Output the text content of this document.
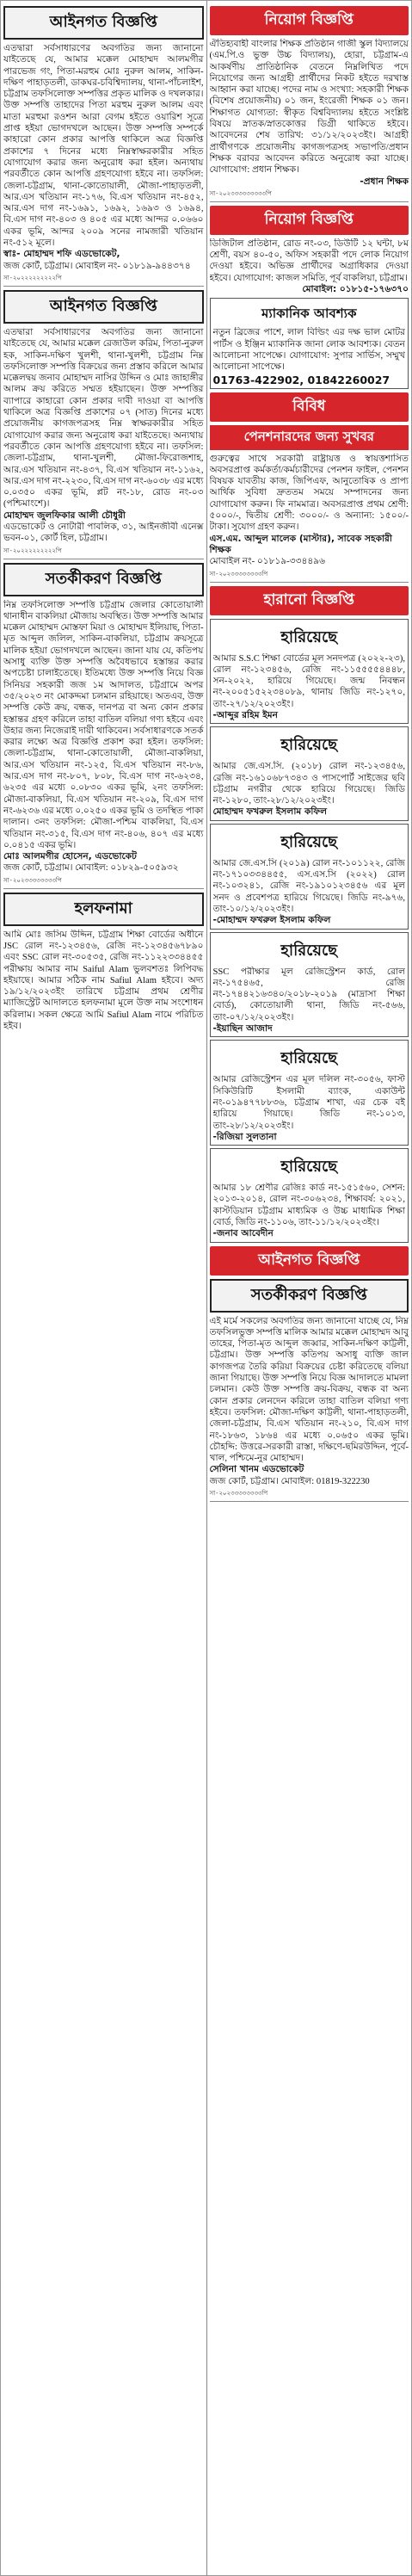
আইনগত বিজ্ঞপ্তি
এতদ্বারা সর্বসাধারণের অবগতির জন্য জানানো যাইতেছে যে, আমার মক্কেল মোহাম্মদ আলমগীর পারভেজ গং, পিতা-মরহুম মোঃ নুরুল আলম, সাকিন-দক্ষিণ পাহাড়তলী, ডাকঘর-চবিশ্বিদ্যালয়, থানা-পাঁচলাইশ, চট্টগ্রাম তফসিলোক্ত সম্পত্তির প্রকৃত মালিক ও দখলকার। উক্ত সম্পত্তি তাহাদের পিতা মরহুম নুরুল আলম এবং মাতা মরহুমা রওশন আরা বেগম হইতে ওয়ারিশ সূত্রে প্রাপ্ত হইয়া ভোগদখলে আছেন। উক্ত সম্পত্তি সম্পর্কে কাহারো কোন প্রকার আপত্তি থাকিলে অত্র বিজ্ঞপ্তি প্রকাশের ৭ দিনের মধ্যে নিম্নস্বাক্ষরকারীর সহিত যোগাযোগ করার জন্য অনুরোধ করা হইল। অন্যথায় পরবর্তীতে কোন আপত্তি গ্রহণযোগ্য হইবে না। তফসিল: জেলা-চট্টগ্রাম, থানা-কোতোয়ালী, মৌজা-পাহাড়তলী, আর.এস খতিয়ান নং-১৭৬, বি.এস খতিয়ান নং-৪৫২, আর.এস দাগ নং-১৬৯১, ১৬৯২, ১৬৯৩ ও ১৬৯৪, বি.এস দাগ নং-৪০৩ ও ৪০৫ এর মধ্যে আন্দর ০.০৬৬০ একর ভূমি, আন্দর ২০০৯ সনের নামজারী খতিয়ান নং-৫১২ মূলে।
স্বাঃ- মোহাম্মদ শফি এডভোকেট,
জজ কোর্ট, চট্টগ্রাম। মোবাইল নং- ০১৮১৯-৯৪৪৩৭৪
সা-২০২২২২২২২২২পি
আইনগত বিজ্ঞপ্তি
এতদ্বারা সর্বসাধারণের অবগতির জন্য জানানো যাইতেছে যে, আমার মক্কেল রেজাউল করিম, পিতা-নুরুল হক, সাকিন-দক্ষিণ খুলশী, থানা-খুলশী, চট্টগ্রাম নিম্ন তফসিলোক্ত সম্পত্তি বিক্রয়ের জন্য প্রস্তাব করিলে আমার মক্কেলদ্বয় জনাব মোহাম্মদ নাসির উদ্দিন ও মোঃ জাহাঙ্গীর আলম ক্রয় করিতে সম্মত হইয়াছেন। উক্ত সম্পত্তির ব্যাপারে কাহারো কোন প্রকার দাবী দাওয়া বা আপত্তি থাকিলে অত্র বিজ্ঞপ্তি প্রকাশের ০৭ (সাত) দিনের মধ্যে প্রয়োজনীয় কাগজপত্রসহ নিম্ন স্বাক্ষরকারীর সহিত যোগাযোগ করার জন্য অনুরোধ করা যাইতেছে। অন্যথায় পরবর্তীতে কোন আপত্তি গ্রহণযোগ্য হইবে না। তফসিল: জেলা-চট্টগ্রাম, থানা-খুলশী, মৌজা-ফিরোজশাহ, আর.এস খতিয়ান নং-৪৩৭, বি.এস খতিয়ান নং-১১৬২, আর.এস দাগ নং-২২৩০, বি.এস দাগ নং-৬০৩৮ এর মধ্যে ০.০৩৫০ একর ভূমি, প্লট নং-১৮, রোড নং-০৩ (পশ্চিমাংশে)।
মোহাম্মদ জুলফিকার আলী চৌধুরী
এডভোকেট ও নোটারী পাবলিক, ৩১, আইনজীবী এনেক্স ভবন-০১, কোর্ট হিল, চট্টগ্রাম।
সা-২০২২২২২২২২২পি
সতর্কীকরণ বিজ্ঞপ্তি
নিম্ন তফসিলোক্ত সম্পত্তি চট্টগ্রাম জেলার কোতোয়ালী থানাধীন বাকলিয়া মৌজায় অবস্থিত। উক্ত সম্পত্তি আমার মক্কেল মোহাম্মদ মোস্তফা মিয়া ও মোহাম্মদ ইলিয়াছ, পিতা-মৃত আব্দুল জলিল, সাকিন-বাকলিয়া, চট্টগ্রাম ক্রয়সূত্রে মালিক হইয়া ভোগদখলে আছেন। জানা যায় যে, কতিপয় অসাধু ব্যক্তি উক্ত সম্পত্তি অবৈধভাবে হস্তান্তর করার অপচেষ্টা চালাইতেছে। ইতিমধ্যে উক্ত সম্পত্তি নিয়ে বিজ্ঞ সিনিয়র সহকারী জজ ১ম আদালত, চট্টগ্রামে অপর ৩৫/২০২৩ নং মোকদ্দমা চলমান রহিয়াছে। অতএব, উক্ত সম্পত্তি কেউ ক্রয়, বন্ধক, দানপত্র বা অন্য কোন প্রকার হস্তান্তর গ্রহণ করিলে তাহা বাতিল বলিয়া গণ্য হইবে এবং উহার জন্য নিজেরাই দায়ী থাকিবেন। সর্বসাধারণকে সতর্ক করার লক্ষ্যে অত্র বিজ্ঞপ্তি প্রকাশ করা হইল। তফসিল: জেলা-চট্টগ্রাম, থানা-কোতোয়ালী, মৌজা-বাকলিয়া, আর.এস খতিয়ান নং-১২৫, বি.এস খতিয়ান নং-৮৬, আর.এস দাগ নং-৮০৭, ৮০৮, বি.এস দাগ নং-৬২৩৪, ৬২৩৫ এর মধ্যে ০.০৮৩০ একর ভূমি, ২নং তফসিল: মৌজা-বাকলিয়া, বি.এস খতিয়ান নং-২০৯, বি.এস দাগ নং-৬২৩৬ এর মধ্যে ০.০২৫০ একর ভূমি ও তদস্থিত পাকা দালান। ৩নং তফসিল: মৌজা-পশ্চিম বাকলিয়া, বি.এস খতিয়ান নং-৩১৫, বি.এস দাগ নং-৪০৬, ৪০৭ এর মধ্যে ০.০৪১৫ একর ভূমি।
মোঃ আলমগীর হোসেন, এডভোকেট
জজ কোর্ট, চট্টগ্রাম। মোবাইল: ০১৮২৯-৫০৫৯৩২
সা-২০২৩৩৩৩৩৩৩৩পি
হলফনামা
আমি মোঃ জসিম উদ্দিন, চট্টগ্রাম শিক্ষা বোর্ডের অধীনে JSC রোল নং-১২৩৪৫৬, রেজি নং-১২৩৪৫৬৭৮৯০ এবং SSC রোল নং-৩০৫৩৫, রেজি নং-১১২২৩৩৪৪৫৫ পরীক্ষায় আমার নাম Saiful Alam ভুলবশতঃ লিপিবদ্ধ হইয়াছে। আমার সঠিক নাম Safiul Alam হইবে। অদ্য ১৯/১২/২০২৩ইং তারিখে চট্টগ্রাম প্রথম শ্রেণীর ম্যাজিস্ট্রেট আদালতে হলফনামা মূলে উক্ত নাম সংশোধন করিলাম। সকল ক্ষেত্রে আমি Safiul Alam নামে পরিচিত হইব।
নিয়োগ বিজ্ঞপ্তি
ঐতিহ্যবাহী বাংলার শিক্ষক প্রতিষ্ঠান গাজী স্কুল বিদ্যালয়ে (এম.পি.ও ভুক্ত উচ্চ বিদ্যালয়), হোরা, চট্টগ্রাম-এ আকর্ষণীয় প্রাতিষ্ঠানিক বেতনে নিম্নলিখিত পদে নিয়োগের জন্য আগ্রহী প্রার্থীদের নিকট হইতে দরখাস্ত আহ্বান করা যাচ্ছে। পদের নাম ও সংখ্যা: সহকারী শিক্ষক (বিশেষ প্রয়োজনীয়) ০১ জন, ইংরেজী শিক্ষক ০১ জন। শিক্ষাগত যোগ্যতা: স্বীকৃত বিশ্ববিদ্যালয় হইতে সংশ্লিষ্ট বিষয়ে স্নাতক/স্নাতকোত্তর ডিগ্রী থাকিতে হইবে। আবেদনের শেষ তারিখ: ৩১/১২/২০২৩ইং। আগ্রহী প্রার্থীগণকে প্রয়োজনীয় কাগজপত্রসহ সভাপতি/প্রধান শিক্ষক বরাবর আবেদন করিতে অনুরোধ করা যাচ্ছে। যোগাযোগ: প্রধান শিক্ষক।
-প্রধান শিক্ষক
সা-২০২৩৩৩৩৩৩৩৩৩পি
নিয়োগ বিজ্ঞপ্তি
ডিজিটাল প্রতিষ্ঠান, রোড নং-০৩, ডিউটি ১২ ঘন্টা, ৮ম শ্রেণী, বয়স ৪০-৫০, অফিস সহকারী পদে লোক নিয়োগ দেওয়া হইবে। অভিজ্ঞ প্রার্থীদের অগ্রাধিকার দেওয়া হইবে। যোগাযোগ: কাজল সমিতি, পূর্ব বাকলিয়া, চট্টগ্রাম।
মোবাইল: ০১৮১৫-১৭৬৩৭০
ম্যাকানিক আবশ্যক
নতুন ব্রিজের পাশে, লাল বিল্ডিং এর দক্ষ ভাল মোটর পার্টস ও ইঞ্জিন ম্যাকানিক জানা লোক আবশ্যক। বেতন আলোচনা সাপেক্ষে। যোগাযোগ: সুপার সার্ভিস, সম্মুখ আলোচনা সাপেক্ষে।
01763-422902, 01842260027
বিবিধ
পেনশনারদের জন্য সুখবর
গুরুত্বের সাথে সরকারী রাষ্ট্রায়ত্ত ও স্বায়ত্তশাসিত অবসরপ্রাপ্ত কর্মকর্তা/কর্মচারীদের পেনশন ফাইল, পেনশন বিষয়ক যাবতীয় কাজ, জিপিএফ, আনুতোষিক ও প্রাপ্য আর্থিক সুবিধা দ্রুততম সময়ে সম্পাদনের জন্য যোগাযোগ করুন। ফি নামমাত্র। অবসরপ্রাপ্ত প্রথম শ্রেণী: ৫০০০/-, দ্বিতীয় শ্রেণী: ৩০০০/- ও অন্যান্য: ১৫০০/- টাকা। সুযোগ গ্রহণ করুন।
এস.এম. আব্দুল মালেক (মাস্টার), সাবেক সহকারী শিক্ষক
মোবাইল নং- ০১৮১৯-৩৩৪৪৯৬
সা-২০২৩৩৩৩৩৩৩৩পি
হারানো বিজ্ঞপ্তি
হারিয়েছে
আমার S.S.C শিক্ষা বোর্ডের মূল সনদপত্র (২০২২-২৩), রোল নং-১২৩৪৫৬, রেজি নং-১১৫৫৫৫৪৪৪৮, সন-২০২২, হারিয়ে গিয়েছে। জন্ম নিবন্ধন নং-২০০৫১৫২২৩৪০৮৯, থানায় জিডি নং-১২৭০, তাং-২৭/১২/২০২৩ইং।
-আব্দুর রহিম ইমন
হারিয়েছে
আমার জে.এস.সি. (২০১৮) রোল নং-১২৩৪৫৬, রেজি নং-১৬১০৬৮৭৩৪৩ ও পাসপোর্ট সাইজের ছবি চট্টগ্রাম নগরীর থেকে হারিয়ে গিয়েছে। জিডি নং-১২৮০, তাং-২৮/১২/২০২৩ইং।
মোহাম্মদ ফখরুল ইসলাম কফিল
হারিয়েছে
আমার জে.এস.সি (২০১৯) রোল নং-১০১১২২, রেজি নং-১৭১০৩৩৪৪৫৫, এস.এস.সি (২০২২) রোল নং-১০৩২৪১, রেজি নং-১৯১০১২৩৪৫৬ এর মূল সনদ ও প্রবেশপত্র হারিয়ে গিয়েছে। জিডি নং-৯৭৬, তাং-১০/১২/২০২৩ইং।
-মোহাম্মদ ফখরুল ইসলাম কফিল
হারিয়েছে
SSC পরীক্ষার মূল রেজিস্ট্রেশন কার্ড, রোল নং-১৭৫৪৬৫, রেজি নং-১৭৪৪২১৬৩৪০/২০১৮-২০১৯ (মাদ্রাসা শিক্ষা বোর্ড), কোতোয়ালী থানা, জিডি নং-৫৬৬, তাং-০৭/১২/২০২৩ইং।
-ইয়াছিন আজাদ
হারিয়েছে
আমার রেজিস্ট্রেশন এর মূল দলিল নং-৩০৫৬, ফাস্ট সিকিউরিটি ইসলামী ব্যাংক, একাউন্ট নং-০১৯৪৭৭৮৮৩৬, চট্টগ্রাম শাখা, এর চেক বই হারিয়ে গিয়াছে। জিডি নং-১০১৩, তাং-২৮/১২/২০২৩ইং।
-রিজিয়া সুলতানা
হারিয়েছে
আমার ১৮ শ্রেণীর রেজিঃ কার্ড নং-১৫১৫৬০, সেশন: ২০১৩-২০১৪, রোল নং-৩০৬২৩৪, শিক্ষাবর্ষ: ২০২১, কাস্টডিয়ান চট্টগ্রাম মাধ্যমিক ও উচ্চ মাধ্যমিক শিক্ষা বোর্ড, জিডি নং-১১০৬, তাং-১১/১২/২০২৩ইং।
-জনাব আবেদীন
আইনগত বিজ্ঞপ্তি
সতর্কীকরণ বিজ্ঞপ্তি
এই মর্মে সকলের অবগতির জন্য জানানো যাচ্ছে যে, নিম্ন তফসিলভুক্ত সম্পত্তি মালিক আমার মক্কেল মোহাম্মদ আবু তাহের, পিতা-মৃত আব্দুল জব্বার, সাকিন-দক্ষিণ কাট্টলী, চট্টগ্রাম। উক্ত সম্পত্তি কতিপয় অসাধু ব্যক্তি জাল কাগজপত্র তৈরি করিয়া বিক্রয়ের চেষ্টা করিতেছে বলিয়া জানা গিয়াছে। উক্ত সম্পত্তি নিয়ে বিজ্ঞ আদালতে মামলা চলমান। কেউ উক্ত সম্পত্তি ক্রয়-বিক্রয়, বন্ধক বা অন্য কোন প্রকার লেনদেন করিলে তাহা বাতিল বলিয়া গণ্য হইবে। তফসিল: মৌজা-দক্ষিণ কাট্টলী, থানা-পাহাড়তলী, জেলা-চট্টগ্রাম, বি.এস খতিয়ান নং-২১০, বি.এস দাগ নং-১৮৬৩, ১৮৬৪ এর মধ্যে ০.০৬৫০ একর ভূমি। চৌহদ্দি: উত্তরে-সরকারী রাস্তা, দক্ষিণে-ছমিরউদ্দিন, পূর্বে-খাল, পশ্চিমে-নুর মোহাম্মদ।
সেলিনা খানম এডভোকেট
জজ কোর্ট, চট্টগ্রাম। মোবাইল: 01819-322230
সা-২০২৩৩৩৩৩৩৩৩পি
